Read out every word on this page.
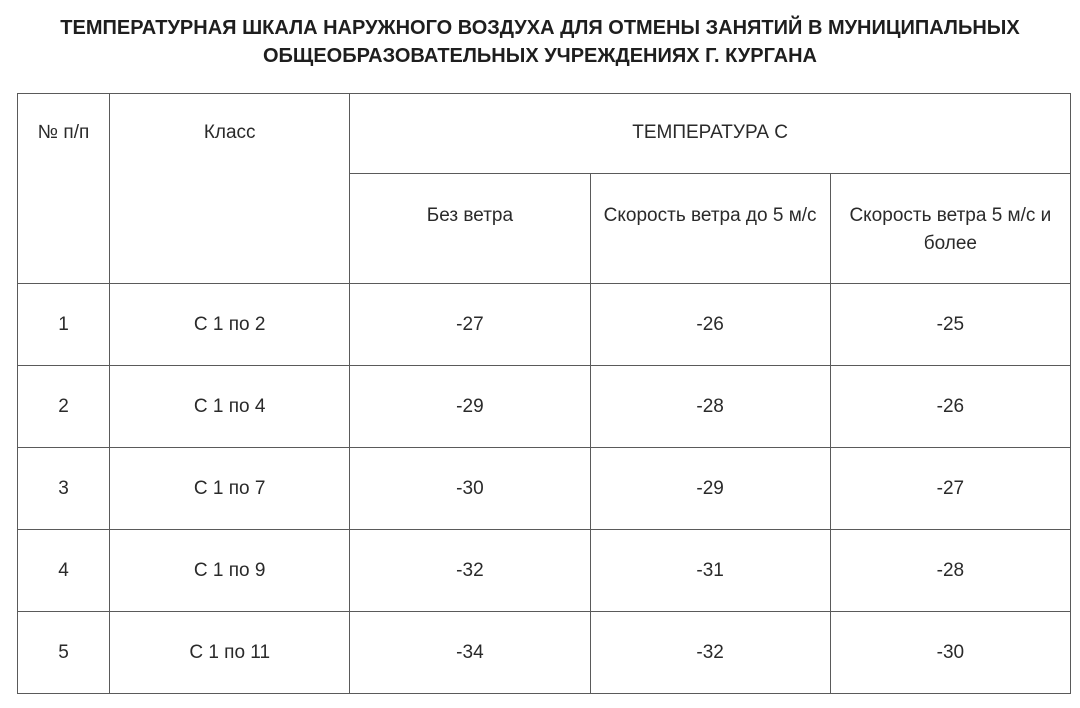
ТЕМПЕРАТУРНАЯ ШКАЛА НАРУЖНОГО ВОЗДУХА ДЛЯ ОТМЕНЫ ЗАНЯТИЙ В МУНИЦИПАЛЬНЫХ
ОБЩЕОБРАЗОВАТЕЛЬНЫХ УЧРЕЖДЕНИЯХ Г. КУРГАНА
№ п/п	Класс	ТЕМПЕРАТУРА С		
		Без ветра	Скорость ветра до 5 м/с	Скорость ветра 5 м/с и более
1	С 1 по 2	-27	-26	-25
2	С 1 по 4	-29	-28	-26
3	С 1 по 7	-30	-29	-27
4	С 1 по 9	-32	-31	-28
5	С 1 по 11	-34	-32	-30
